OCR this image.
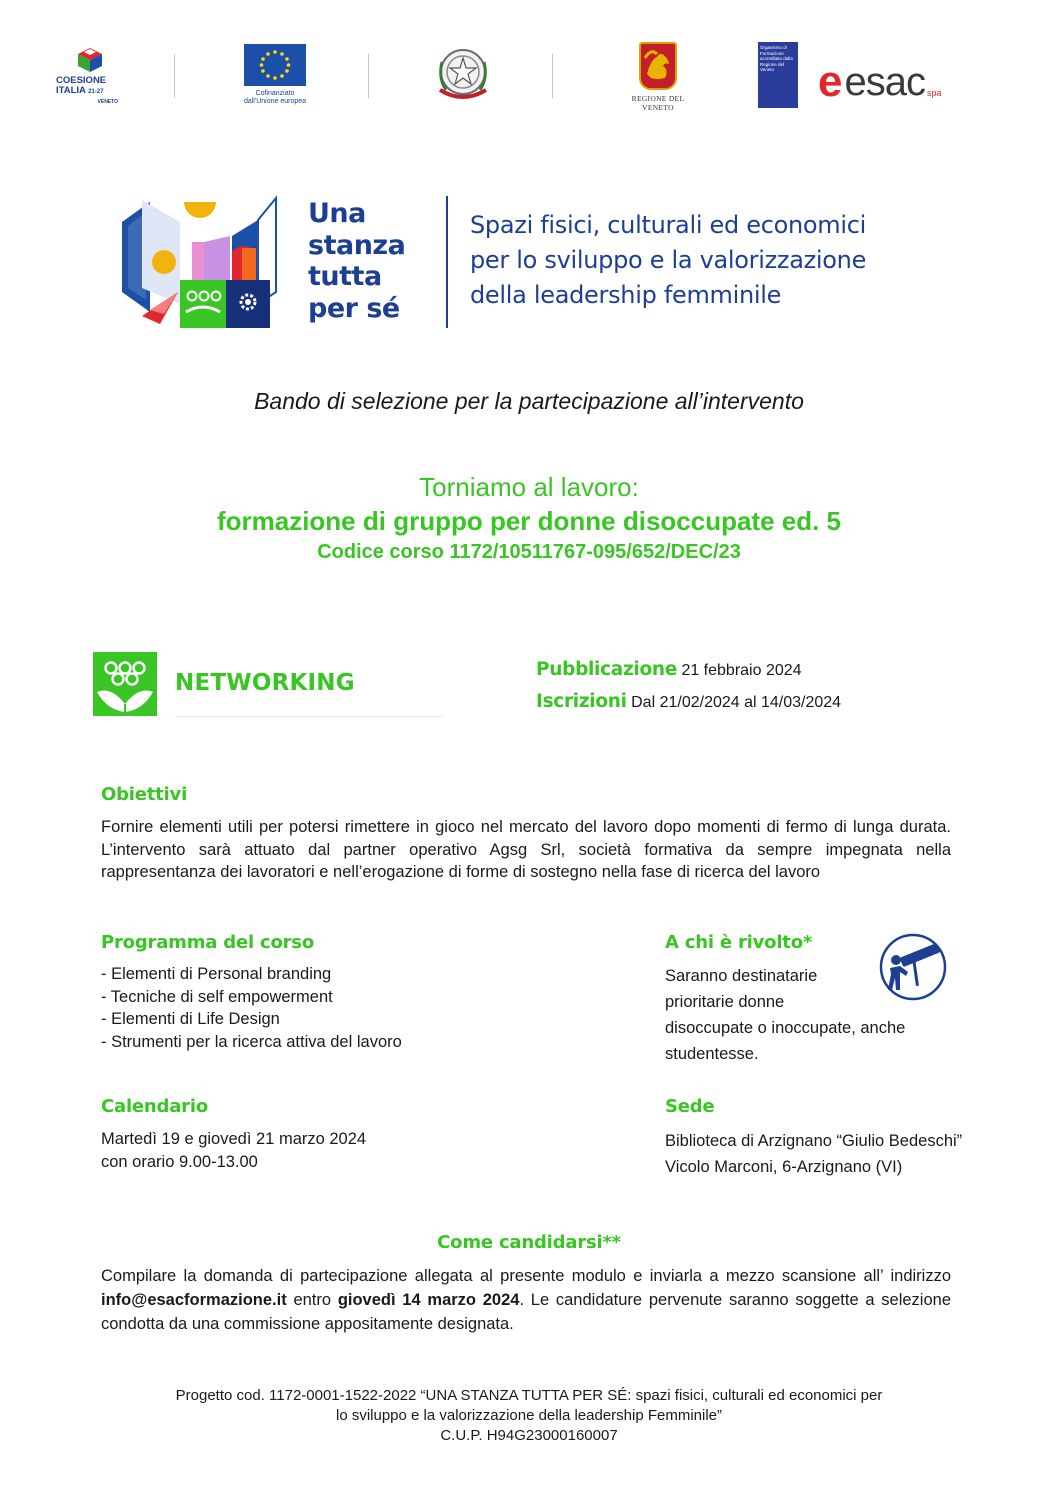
COESIONE
ITALIA 21-27
VENETO
Cofinanziato
dall'Unione europea	REGIONE DEL VENETO
Organismo di Formazione accreditato dalla Regione del Veneto e esac spa
Una
stanza
tutta
per sé
Spazi fisici, culturali ed economici
per lo sviluppo e la valorizzazione
della leadership femminile
Bando di selezione per la partecipazione all’intervento
Torniamo al lavoro:
formazione di gruppo per donne disoccupate ed. 5
Codice corso 1172/10511767-095/652/DEC/23
NETWORKING
Pubblicazione 21 febbraio 2024
Iscrizioni Dal 21/02/2024 al 14/03/2024
Obiettivi
Fornire elementi utili per potersi rimettere in gioco nel mercato del lavoro dopo momenti di fermo di lunga durata. L’intervento sarà attuato dal partner operativo Agsg Srl, società formativa da sempre impegnata nella rappresentanza dei lavoratori e nell’erogazione di forme di sostegno nella fase di ricerca del lavoro
Programma del corso
- Elementi di Personal branding
- Tecniche di self empowerment
- Elementi di Life Design
- Strumenti per la ricerca attiva del lavoro
A chi è rivolto*
Saranno destinatarie
prioritarie donne
disoccupate o inoccupate, anche studentesse.
Calendario
Martedì 19 e giovedì 21 marzo 2024
con orario 9.00-13.00
Sede
Biblioteca di Arzignano “Giulio Bedeschi”
Vicolo Marconi, 6-Arzignano (VI)
Come candidarsi**
Compilare la domanda di partecipazione allegata al presente modulo e inviarla a mezzo scansione all’ indirizzo info@esacformazione.it entro giovedì 14 marzo 2024. Le candidature pervenute saranno soggette a selezione condotta da una commissione appositamente designata.
Progetto cod. 1172-0001-1522-2022 “UNA STANZA TUTTA PER SÉ: spazi fisici, culturali ed economici per
lo sviluppo e la valorizzazione della leadership Femminile”
C.U.P. H94G23000160007
